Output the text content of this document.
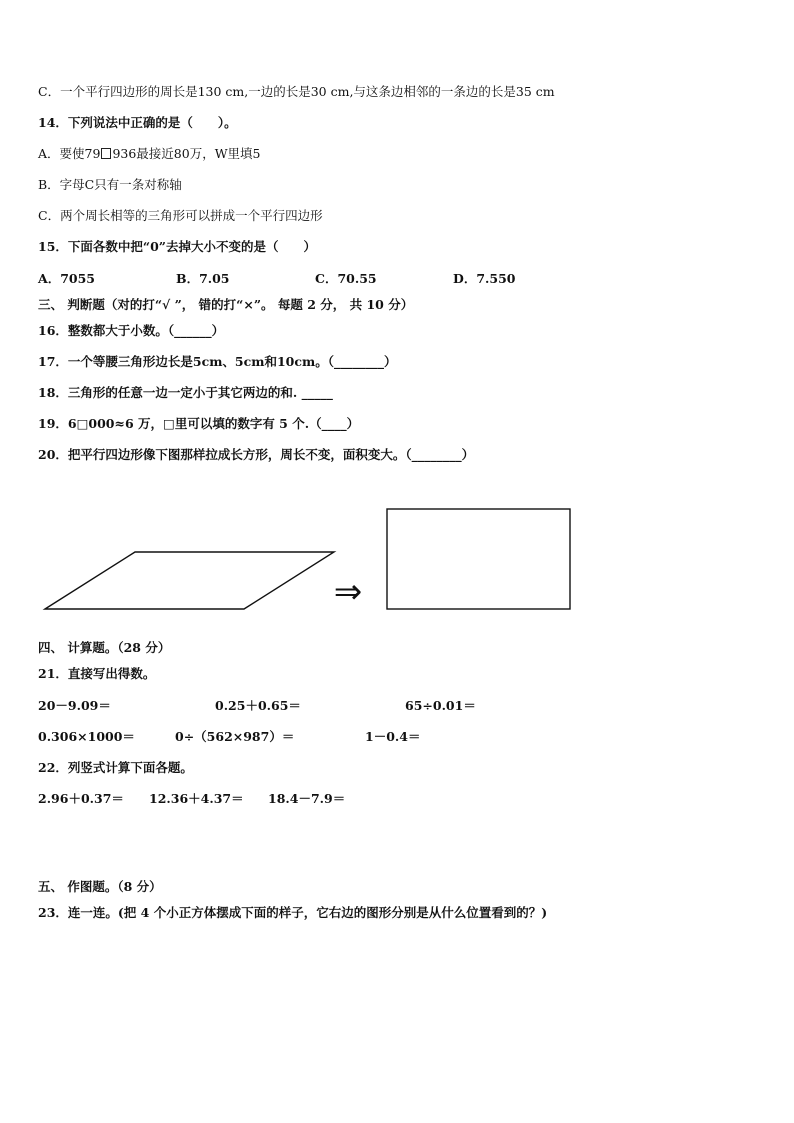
C．一个平行四边形的周长是130 cm,一边的长是30 cm,与这条边相邻的一条边的长是35 cm
14．下列说法中正确的是（　　）。
A．要使79 936最接近80万，W里填5
B．字母C只有一条对称轴
C．两个周长相等的三角形可以拼成一个平行四边形
15．下面各数中把“0”去掉大小不变的是（　　）
A．7055	B．7.05	C．70.55	D．7.550
三、 判断题（对的打“√ ”， 错的打“×”。 每题 2 分， 共 10 分）
16．整数都大于小数。（______）
17．一个等腰三角形边长是5cm、5cm和10cm。（________）
18．三角形的任意一边一定小于其它两边的和. _____
19．6□000≈6 万，□里可以填的数字有 5 个.（____）
20．把平行四边形像下图那样拉成长方形，周长不变，面积变大。（________）
⇒
四、 计算题。（28 分）
21．直接写出得数。
20－9.09＝	0.25＋0.65＝	65÷0.01＝
0.306×1000＝	0÷（562×987）＝	1－0.4＝
22．列竖式计算下面各题。
2.96＋0.37＝ 12.36＋4.37＝ 18.4－7.9＝
五、 作图题。（8 分）
23．连一连。(把 4 个小正方体摆成下面的样子，它右边的图形分别是从什么位置看到的？)
